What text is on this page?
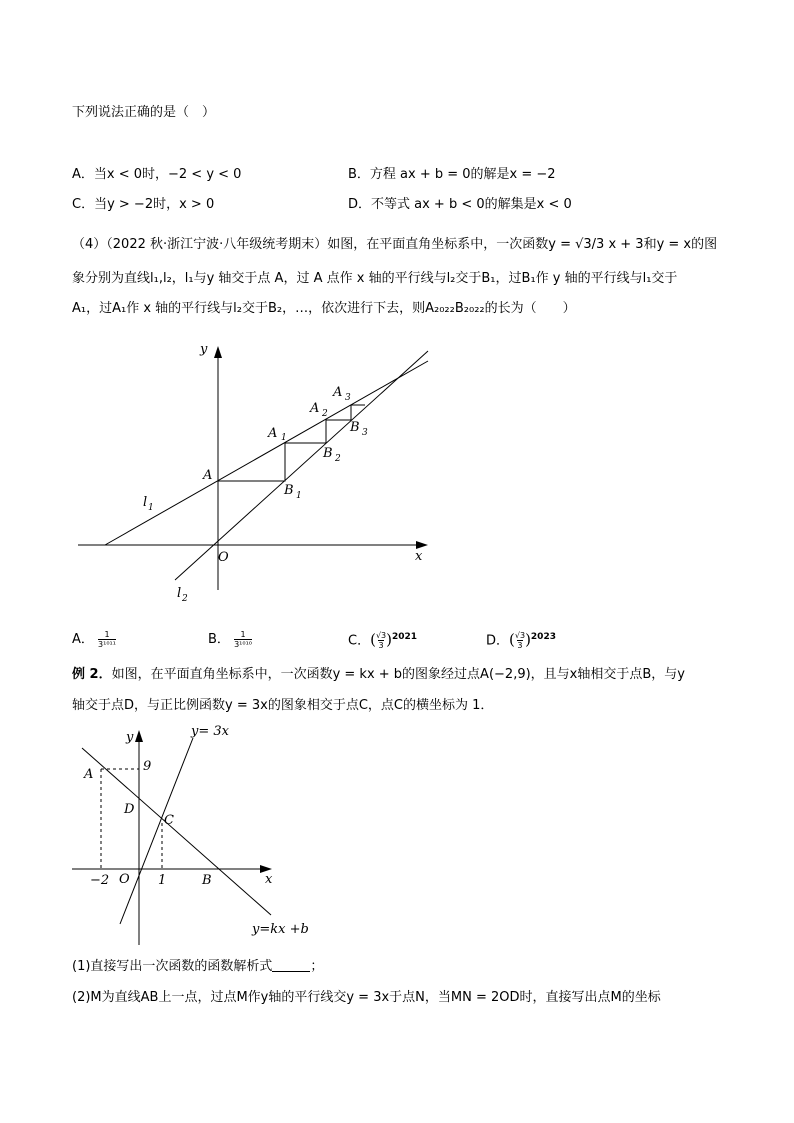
下列说法正确的是（　）
A．当x < 0时，−2 < y < 0	B．方程 ax + b = 0的解是x = −2
C．当y > −2时，x > 0	D．不等式 ax + b < 0的解集是x < 0
（4）（2022 秋·浙江宁波·八年级统考期末）如图，在平面直角坐标系中，一次函数y = √3/3 x + 3和y = x的图
象分别为直线l₁,l₂，l₁与y 轴交于点 A，过 A 点作 x 轴的平行线与l₂交于B₁，过B₁作 y 轴的平行线与l₁交于
A₁，过A₁作 x 轴的平行线与l₂交于B₂，…，依次进行下去，则A₂₀₂₂B₂₀₂₂的长为（　　）
y
x
O
A
A 1
A 2
A 3
B 1
B 2
B 3
l 1
l 2
A． $\frac{1}{\text{3¹⁰¹¹}}$	B． $\frac{1}{\text{3¹⁰¹⁰}}$	C．( $\frac{√3}{3} )^{2021}$	D．( $\frac{√3}{3} )^{2023}$
例 2．如图，在平面直角坐标系中，一次函数y = kx + b的图象经过点A(−2,9)，且与x轴相交于点B，与y
轴交于点D，与正比例函数y = 3x的图象相交于点C，点C的横坐标为 1．
y= 3x
y=kx +b
y
x
9
A
D
C
O	B
−2	1
(1)直接写出一次函数的函数解析式	；
(2)M为直线AB上一点，过点M作y轴的平行线交y = 3x于点N，当MN = 2OD时，直接写出点M的坐标
